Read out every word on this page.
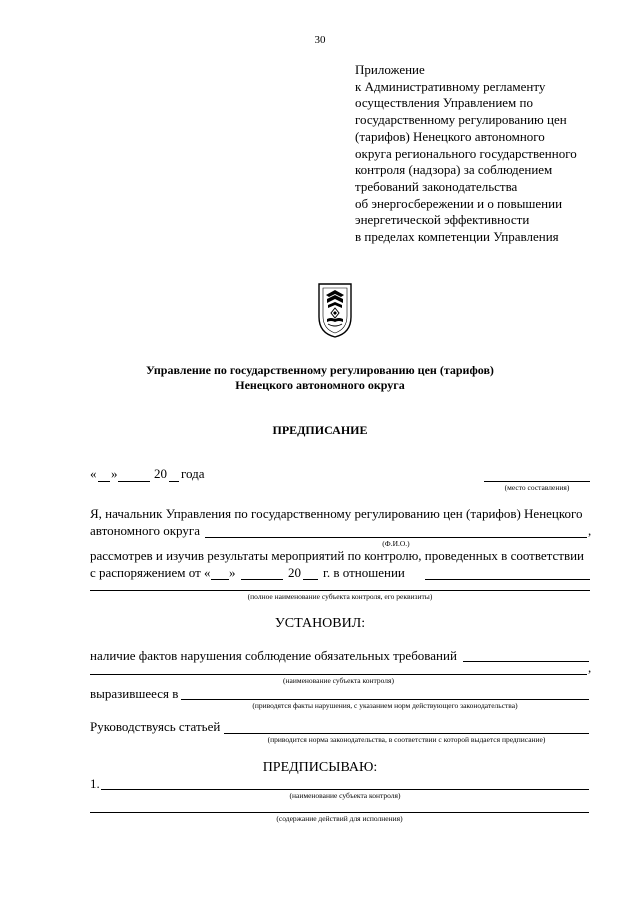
30
Приложение
к Административному регламенту
осуществления Управлением по
государственному регулированию цен
(тарифов) Ненецкого автономного
округа регионального государственного
контроля (надзора) за соблюдением
требований законодательства
об энергосбережении и о повышении
энергетической эффективности
в пределах компетенции Управления
Управление по государственному регулированию цен (тарифов)
Ненецкого автономного округа
ПРЕДПИСАНИЕ
« »	20 года
(место составления)
Я, начальник Управления по государственному регулированию цен (тарифов) Ненецкого
автономного округа	,
(Ф.И.О.)
рассмотрев и изучив результаты мероприятий по контролю, проведенных в соответствии
с распоряжением от « »	20 г. в отношении
(полное наименование субъекта контроля, его реквизиты)
УСТАНОВИЛ:
наличие фактов нарушения соблюдение обязательных требований
,
(наименование субъекта контроля)
выразившееся в
(приводятся факты нарушения, с указанием норм действующего законодательства)
Руководствуясь статьей
(приводится норма законодательства, в соответствии с которой выдается предписание)
ПРЕДПИСЫВАЮ:
1.
(наименование субъекта контроля)
(содержание действий для исполнения)
